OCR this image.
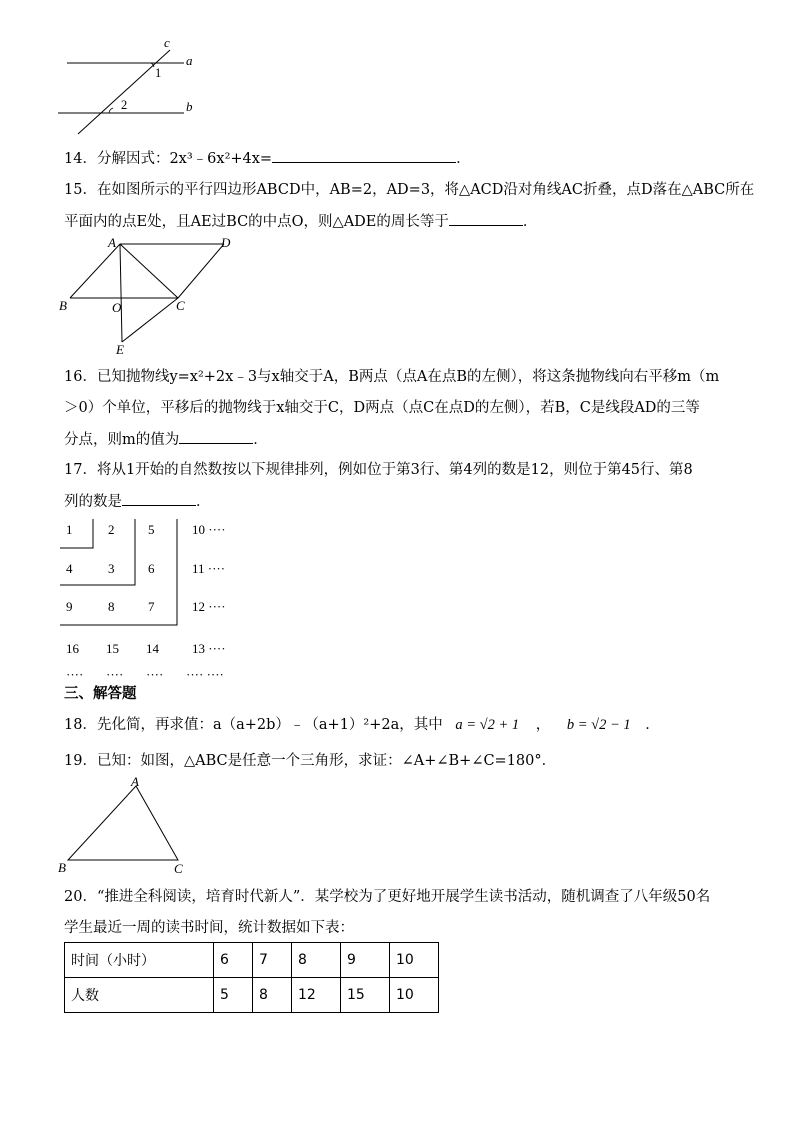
c
a
b
1
2
14．分解因式：2x³﹣6x²+4x=	．
15．在如图所示的平行四边形ABCD中，AB=2，AD=3，将△ACD沿对角线AC折叠，点D落在△ABC所在
平面内的点E处，且AE过BC的中点O，则△ADE的周长等于	．
A	D
B	O	C
E
16．已知抛物线y=x²+2x﹣3与x轴交于A，B两点（点A在点B的左侧），将这条抛物线向右平移m（m
＞0）个单位，平移后的抛物线于x轴交于C，D两点（点C在点D的左侧），若B，C是线段AD的三等
分点，则m的值为	．
17．将从1开始的自然数按以下规律排列，例如位于第3行、第4列的数是12，则位于第45行、第8
列的数是	．
1	2	5	10 ····
4	3	6	11 ····
9	8	7	12 ····
16 15 14	13 ····
···· ···· ···· ···· ····
三、解答题
18．先化简，再求值：a（a+2b）﹣（a+1）²+2a，其中 a = √2 + 1 ， b = √2 − 1 ．
19．已知：如图，△ABC是任意一个三角形，求证：∠A+∠B+∠C=180°．
A
B	C
20．“推进全科阅读，培育时代新人”．某学校为了更好地开展学生读书活动，随机调查了八年级50名
学生最近一周的读书时间，统计数据如下表：
时间（小时）	6	7	8	9	10
人数	5	8	12	15	10
